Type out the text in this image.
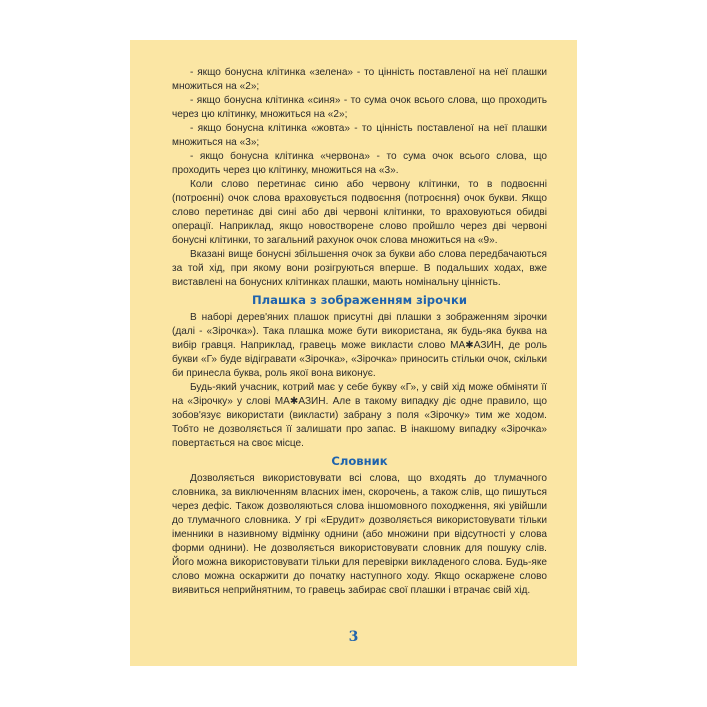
- якщо бонусна клітинка «зелена» - то цінність поставленої на неї плашки множиться на «2»;

- якщо бонусна клітинка «синя» - то сума очок всього слова, що проходить через цю клітинку, множиться на «2»;

- якщо бонусна клітинка «жовта» - то цінність поставленої на неї плашки множиться на «3»;

- якщо бонусна клітинка «червона» - то сума очок всього слова, що проходить через цю клітинку, множиться на «3».

Коли слово перетинає синю або червону клітинки, то в подвоєнні (потроєнні) очок слова враховується подвоєння (потроєння) очок букви. Якщо слово перетинає дві сині або дві червоні клітинки, то враховуються обидві операції. Наприклад, якщо новостворене слово пройшло через дві червоні бонусні клітинки, то загальний рахунок очок слова множиться на «9».

Вказані вище бонусні збільшення очок за букви або слова передбачаються за той хід, при якому вони розігруються вперше. В подальших ходах, вже виставлені на бонусних клітинках плашки, мають номінальну цінність.

Плашка з зображенням зірочки

В наборі дерев'яних плашок присутні дві плашки з зображенням зірочки (далі - «Зірочка»). Така плашка може бути використана, як будь-яка буква на вибір гравця. Наприклад, гравець може викласти слово МА✱АЗИН, де роль букви «Г» буде відігравати «Зірочка», «Зірочка» приносить стільки очок, скільки би принесла буква, роль якої вона виконує.

Будь-який учасник, котрий має у себе букву «Г», у свій хід може обміняти її на «Зірочку» у слові МА✱АЗИН. Але в такому випадку діє одне правило, що зобов'язує використати (викласти) забрану з поля «Зірочку» тим же ходом. Тобто не дозволяється її залишати про запас. В інакшому випадку «Зірочка» повертається на своє місце.

Словник

Дозволяється використовувати всі слова, що входять до тлумачного словника, за виключенням власних імен, скорочень, а також слів, що пишуться через дефіс. Також дозволяються слова іншомовного походження, які увійшли до тлумачного словника. У грі «Ерудит» дозволяється використовувати тільки іменники в називному відмінку однини (або множини при відсутності у слова форми однини). Не дозволяється використовувати словник для пошуку слів. Його можна використовувати тільки для перевірки викладеного слова. Будь-яке слово можна оскаржити до початку наступного ходу. Якщо оскаржене слово виявиться неприйнятним, то гравець забирає свої плашки і втрачає свій хід.

3
